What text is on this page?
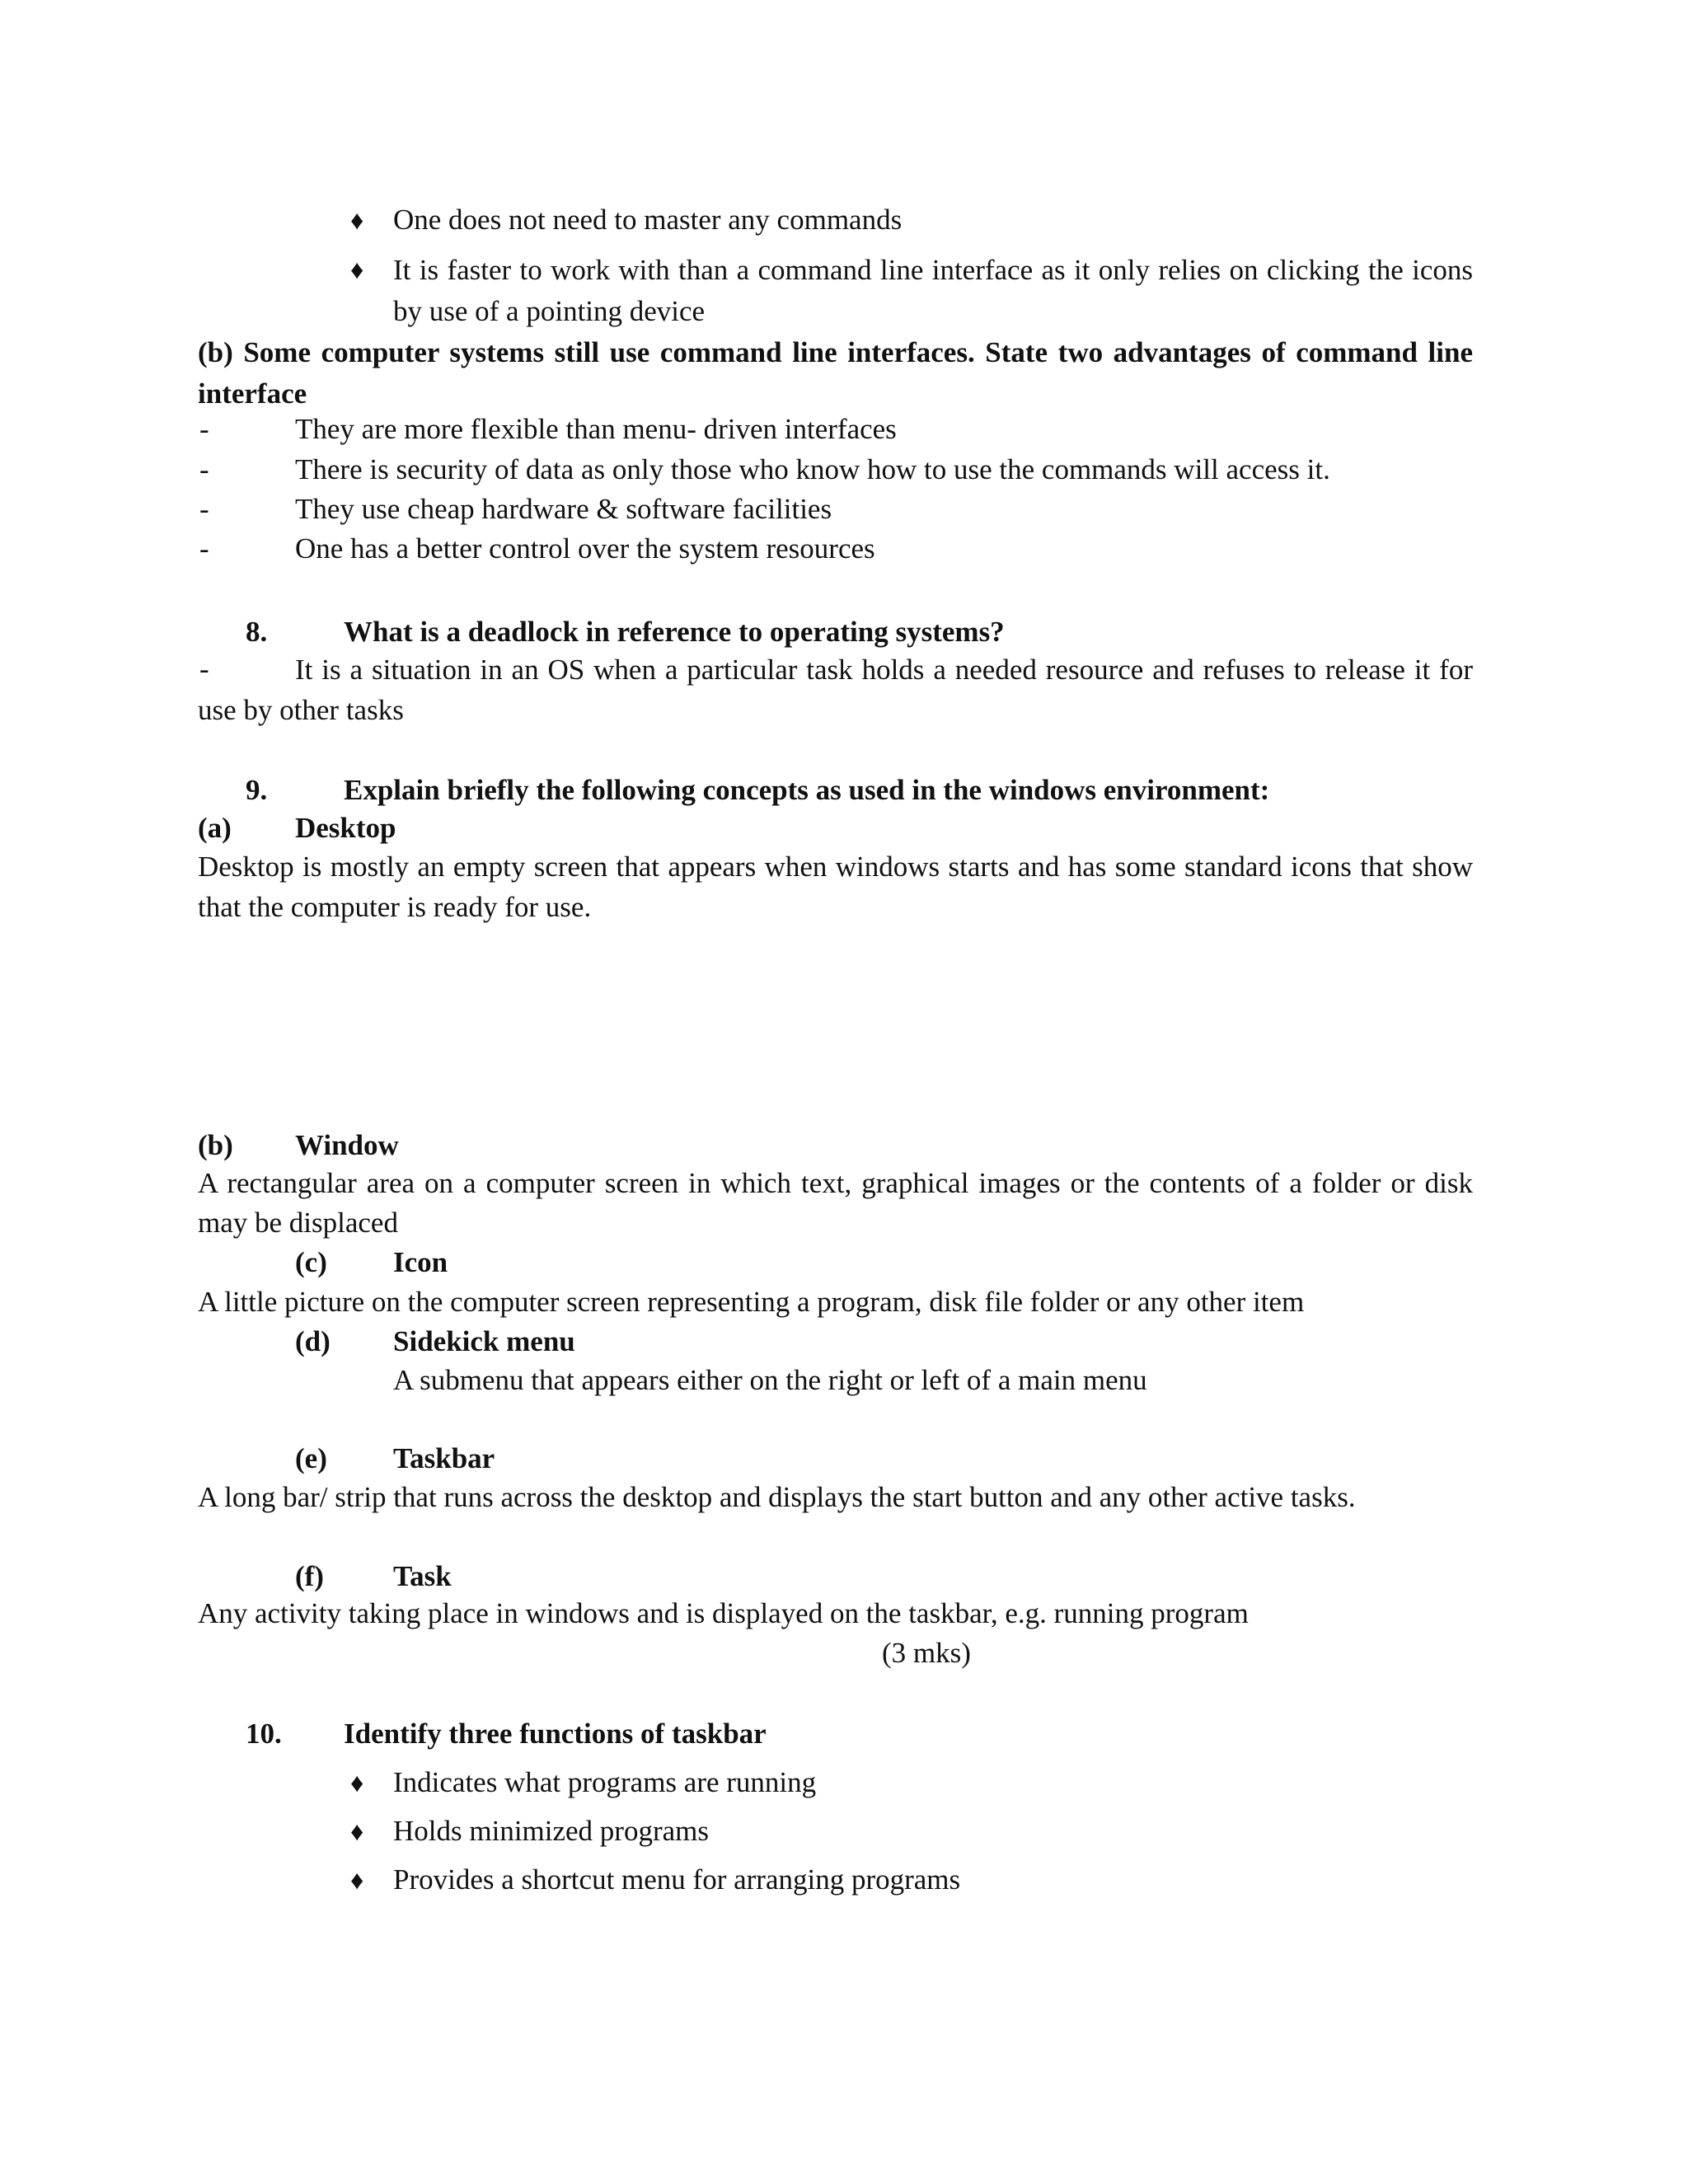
♦ One does not need to master any commands
♦ It is faster to work with than a command line interface as it only relies on clicking the icons by use of a pointing device
(b) Some computer systems still use command line interfaces. State two advantages of command line interface
-	They are more flexible than menu- driven interfaces
-	There is security of data as only those who know how to use the commands will access it.
-	They use cheap hardware & software facilities
-	One has a better control over the system resources
8.	What is a deadlock in reference to operating systems?
-	It is a situation in an OS when a particular task holds a needed resource and refuses to release it for use by other tasks
9.	Explain briefly the following concepts as used in the windows environment:
(a) Desktop
Desktop is mostly an empty screen that appears when windows starts and has some standard icons that show that the computer is ready for use.
(b) Window
A rectangular area on a computer screen in which text, graphical images or the contents of a folder or disk may be displaced
(c) Icon
A little picture on the computer screen representing a program, disk file folder or any other item
(d) Sidekick menu
A submenu that appears either on the right or left of a main menu
(e) Taskbar
A long bar/ strip that runs across the desktop and displays the start button and any other active tasks.
(f) Task
Any activity taking place in windows and is displayed on the taskbar, e.g. running program
(3 mks)
10. Identify three functions of taskbar
♦ Indicates what programs are running
♦ Holds minimized programs
♦ Provides a shortcut menu for arranging programs
